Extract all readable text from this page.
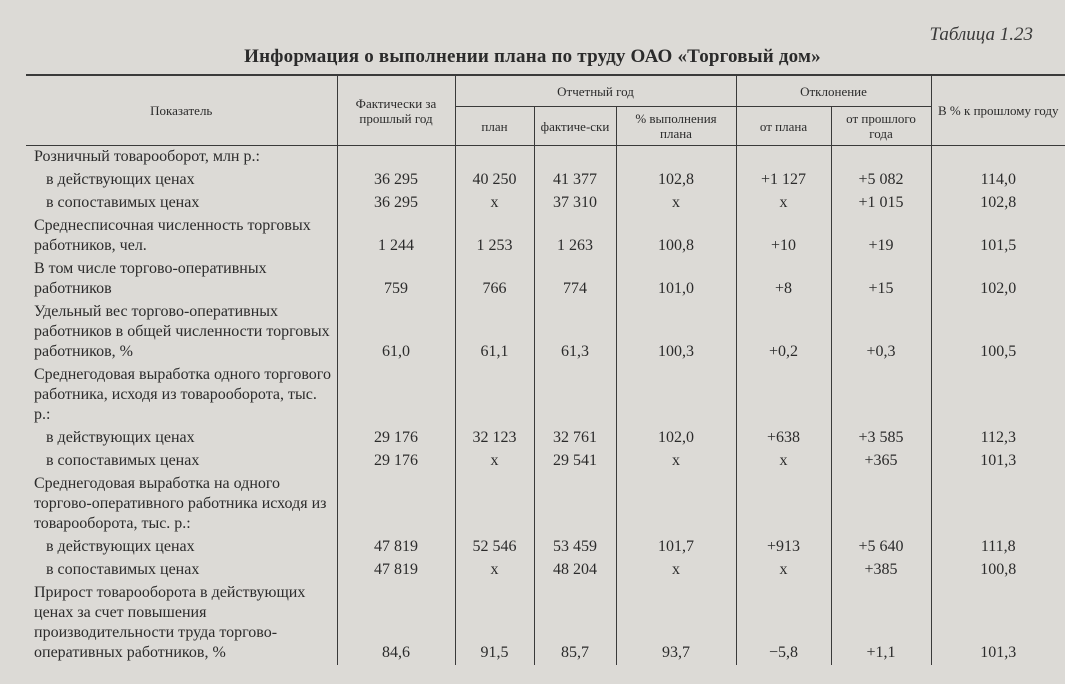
Таблица 1.23
Информация о выполнении плана по труду ОАО «Торговый дом»
Показатель	Фактически за прошлый год	Отчетный год			Отклонение		В % к прошлому году
		план	фактиче-ски	% выполнения плана	от плана	от прошлого года	
Розничный товарооборот, млн р.:							
в действующих ценах	36 295	40 250	41 377	102,8	+1 127	+5 082	114,0
в сопоставимых ценах	36 295	x	37 310	x	x	+1 015	102,8
Среднесписочная численность торговых работников, чел.	1 244	1 253	1 263	100,8	+10	+19	101,5
В том числе торгово-оперативных работников	759	766	774	101,0	+8	+15	102,0
Удельный вес торгово-оперативных работников в общей численности торговых работников, %	61,0	61,1	61,3	100,3	+0,2	+0,3	100,5
Среднегодовая выработка одного торгового работника, исходя из товарооборота, тыс. р.:							
в действующих ценах	29 176	32 123	32 761	102,0	+638	+3 585	112,3
в сопоставимых ценах	29 176	x	29 541	x	x	+365	101,3
Среднегодовая выработка на одного торгово-оперативного работника исходя из товарооборота, тыс. р.:							
в действующих ценах	47 819	52 546	53 459	101,7	+913	+5 640	111,8
в сопоставимых ценах	47 819	x	48 204	x	x	+385	100,8
Прирост товарооборота в действующих ценах за счет повышения производительности труда торгово-оперативных работников, %	84,6	91,5	85,7	93,7	−5,8	+1,1	101,3
